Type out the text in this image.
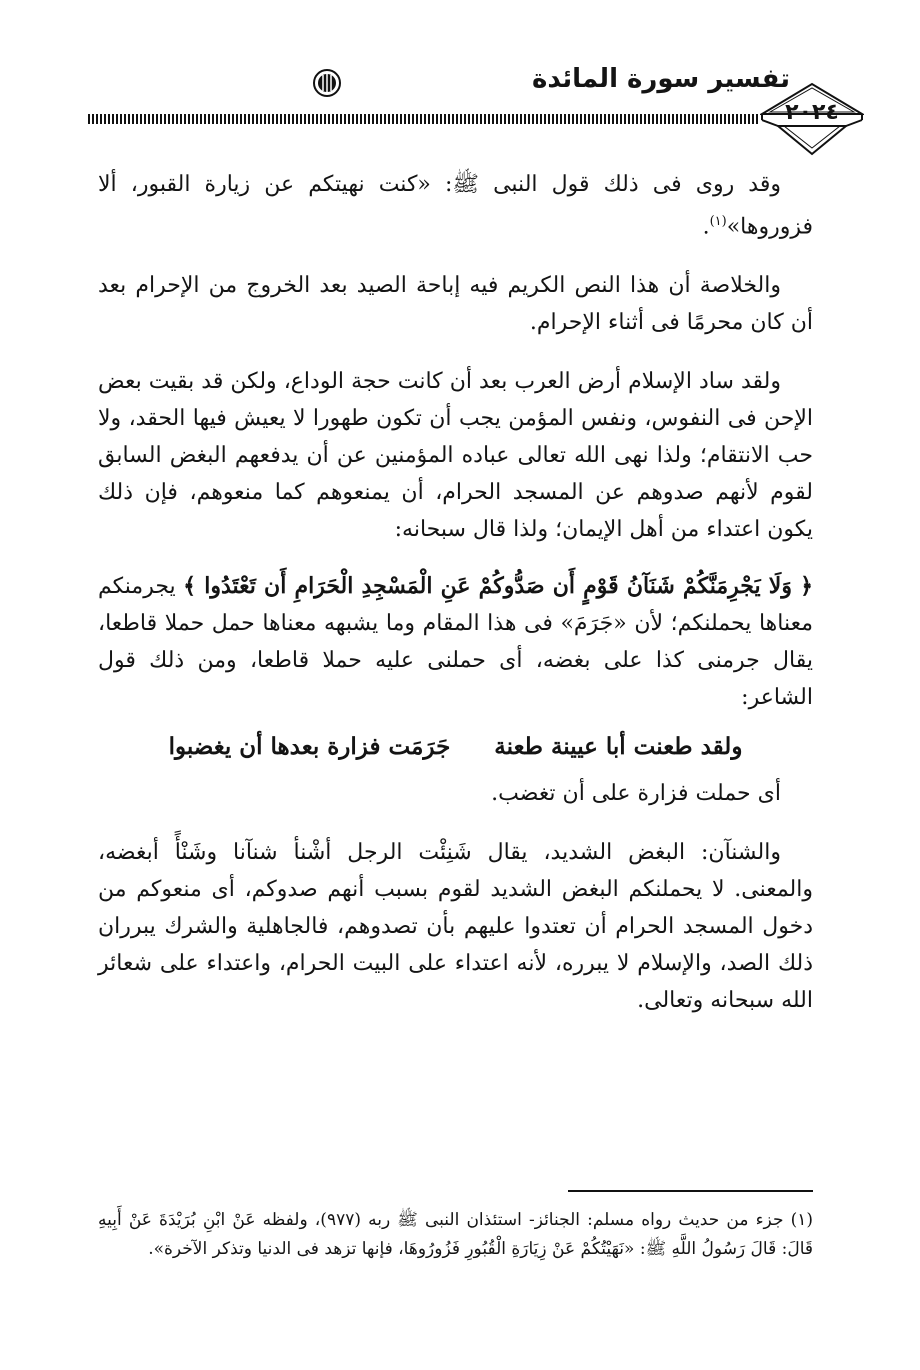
تفسير سورة المائدة
٢٠٢٤

وقد روى فى ذلك قول النبى ﷺ: «كنت نهيتكم عن زيارة القبور، ألا فزوروها»$^{(١)}$.

والخلاصة أن هذا النص الكريم فيه إباحة الصيد بعد الخروج من الإحرام بعد أن كان محرمًا فى أثناء الإحرام.

ولقد ساد الإسلام أرض العرب بعد أن كانت حجة الوداع، ولكن قد بقيت بعض الإحن فى النفوس، ونفس المؤمن يجب أن تكون طهورا لا يعيش فيها الحقد، ولا حب الانتقام؛ ولذا نهى الله تعالى عباده المؤمنين عن أن يدفعهم البغض السابق لقوم لأنهم صدوهم عن المسجد الحرام، أن يمنعوهم كما منعوهم، فإن ذلك يكون اعتداء من أهل الإيمان؛ ولذا قال سبحانه:

﴿ وَلَا يَجْرِمَنَّكُمْ شَنَآنُ قَوْمٍ أَن صَدُّوكُمْ عَنِ الْمَسْجِدِ الْحَرَامِ أَن تَعْتَدُوا ﴾ يجرمنكم معناها يحملنكم؛ لأن «جَرَمَ» فى هذا المقام وما يشبهه معناها حمل حملا قاطعا، يقال جرمنى كذا على بغضه، أى حملنى عليه حملا قاطعا، ومن ذلك قول الشاعر:

ولقد طعنت أبا عيينة طعنة
جَرَمَت فزارة بعدها أن يغضبوا

أى حملت فزارة على أن تغضب.

والشنآن: البغض الشديد، يقال شَنِئْت الرجل أشْنأ شنآنا وشَنْأً أبغضه، والمعنى. لا يحملنكم البغض الشديد لقوم بسبب أنهم صدوكم، أى منعوكم من دخول المسجد الحرام أن تعتدوا عليهم بأن تصدوهم، فالجاهلية والشرك يبرران ذلك الصد، والإسلام لا يبرره، لأنه اعتداء على البيت الحرام، واعتداء على شعائر الله سبحانه وتعالى.

(١) جزء من حديث رواه مسلم: الجنائز- استئذان النبى ﷺ ربه (٩٧٧)، ولفظه عَنْ ابْنِ بُرَيْدَةَ عَنْ أَبِيهِ قَالَ: قَالَ رَسُولُ اللَّهِ ﷺ: «نَهَيْتُكُمْ عَنْ زِيَارَةِ الْقُبُورِ فَزُورُوهَا، فإنها تزهد فى الدنيا وتذكر الآخرة».
